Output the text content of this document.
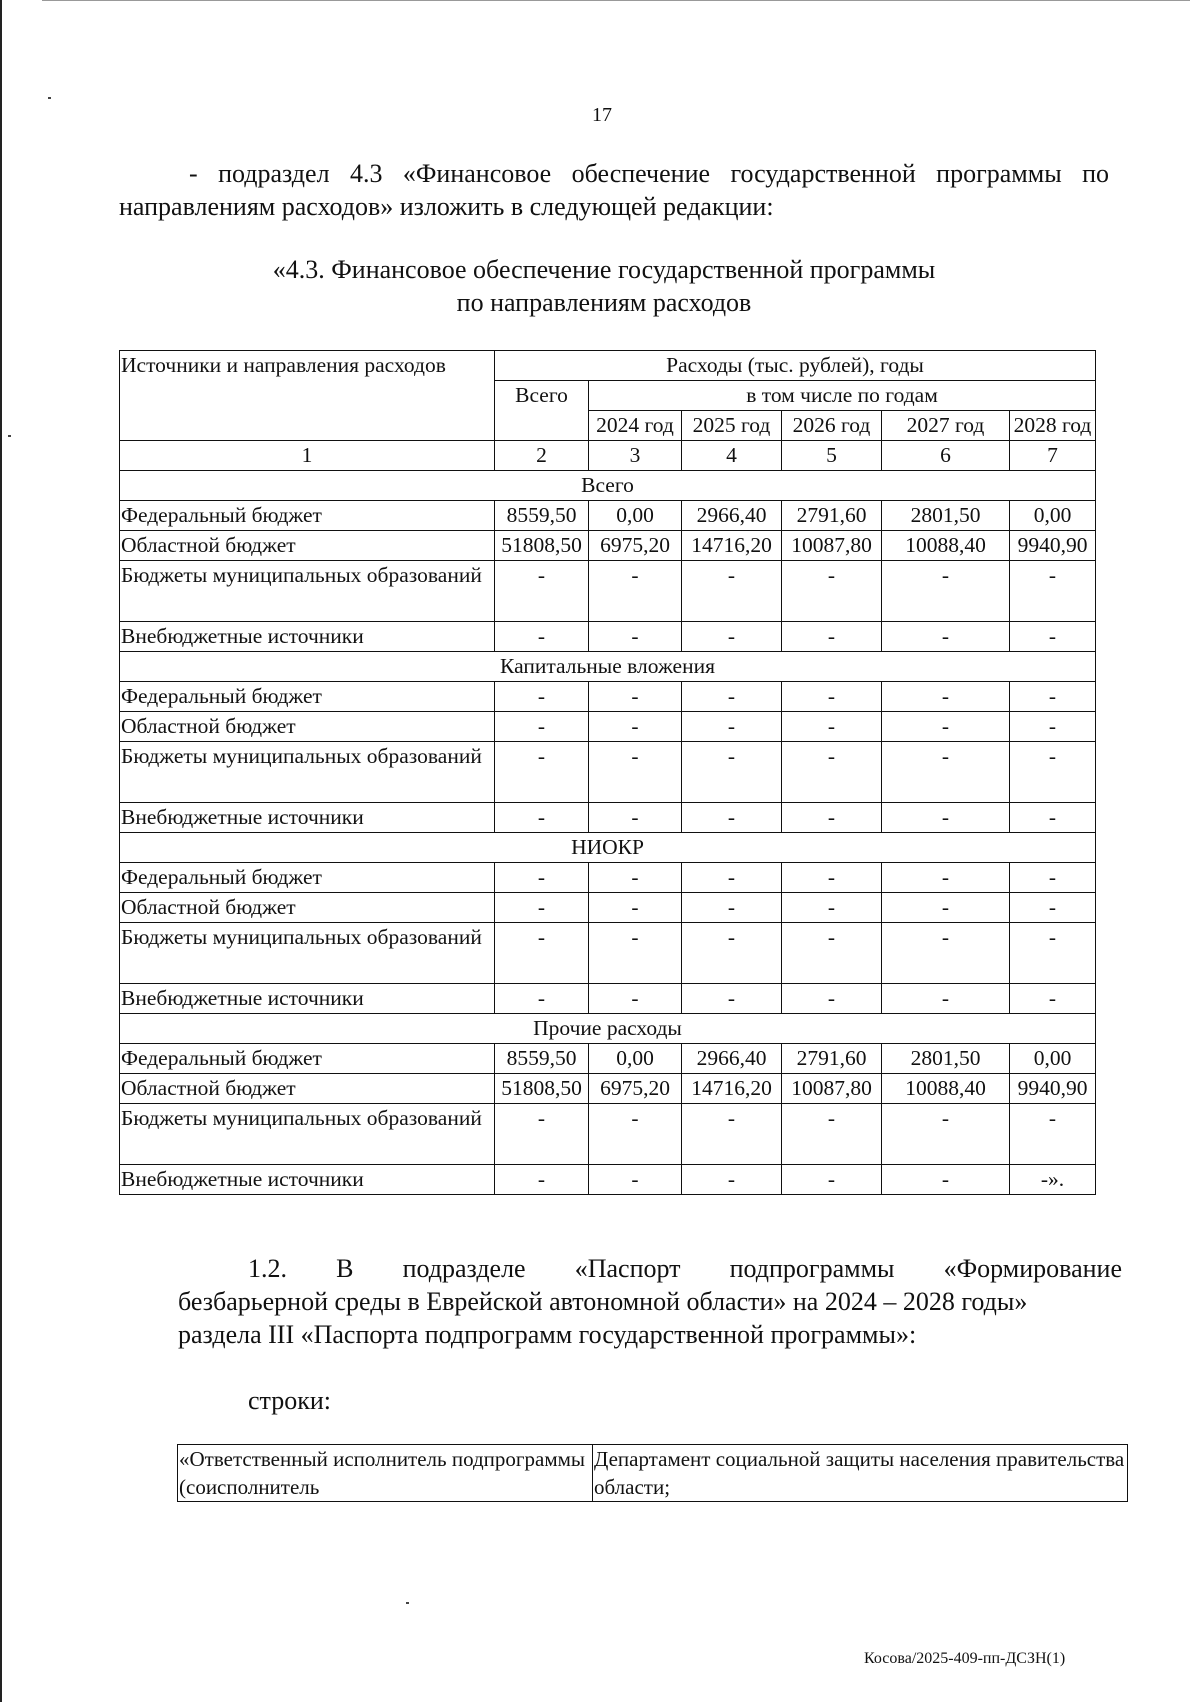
17
- подраздел 4.3 «Финансовое обеспечение государственной программы по направлениям расходов» изложить в следующей редакции:
«4.3. Финансовое обеспечение государственной программы
по направлениям расходов
Источники и направления расходов	Расходы (тыс. рублей), годы					
	Всего	в том числе по годам				
		2024 год	2025 год	2026 год	2027 год	2028 год
1	2	3	4	5	6	7
Всего						
Федеральный бюджет	8559,50	0,00	2966,40	2791,60	2801,50	0,00
Областной бюджет	51808,50	6975,20	14716,20	10087,80	10088,40	9940,90
Бюджеты муниципальных образований	-	-	-	-	-	-
Внебюджетные источники	-	-	-	-	-	-
Капитальные вложения						
Федеральный бюджет	-	-	-	-	-	-
Областной бюджет	-	-	-	-	-	-
Бюджеты муниципальных образований	-	-	-	-	-	-
Внебюджетные источники	-	-	-	-	-	-
НИОКР						
Федеральный бюджет	-	-	-	-	-	-
Областной бюджет	-	-	-	-	-	-
Бюджеты муниципальных образований	-	-	-	-	-	-
Внебюджетные источники	-	-	-	-	-	-
Прочие расходы						
Федеральный бюджет	8559,50	0,00	2966,40	2791,60	2801,50	0,00
Областной бюджет	51808,50	6975,20	14716,20	10087,80	10088,40	9940,90
Бюджеты муниципальных образований	-	-	-	-	-	-
Внебюджетные источники	-	-	-	-	-	-».
1.2. В подразделе «Паспорт подпрограммы «Формирование
безбарьерной среды в Еврейской автономной области» на 2024 – 2028 годы»
раздела III «Паспорта подпрограмм государственной программы»:
строки:
«Ответственный исполнитель подпрограммы (соисполнитель	Департамент социальной защиты населения правительства области;
Косова/2025-409-пп-ДСЗН(1)
